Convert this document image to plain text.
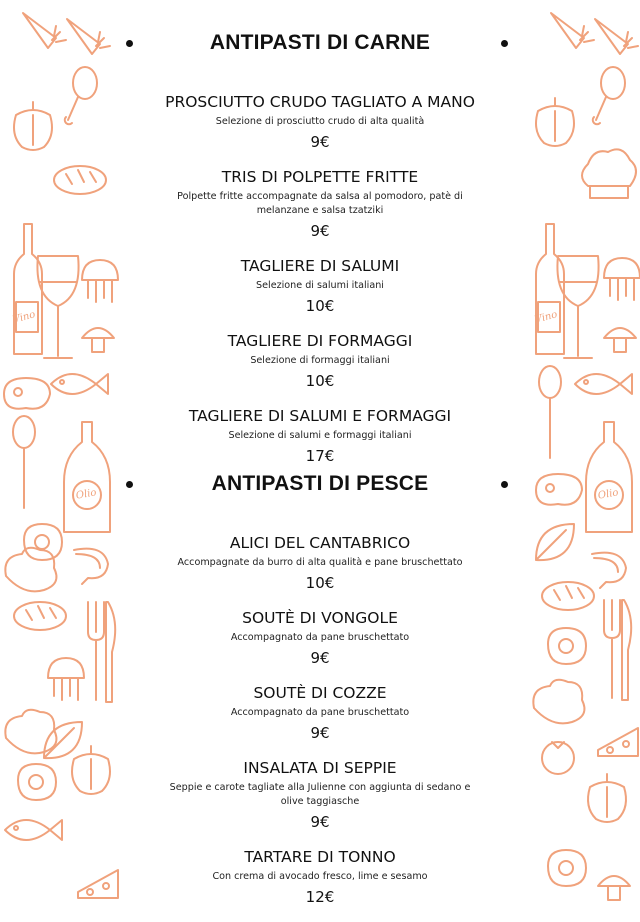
Vino
Olio
Vino
Olio
ANTIPASTI DI CARNE
PROSCIUTTO CRUDO TAGLIATO A MANO
Selezione di prosciutto crudo di alta qualità
9€
TRIS DI POLPETTE FRITTE
Polpette fritte accompagnate da salsa al pomodoro, patè di melanzane e salsa tzatziki
9€
TAGLIERE DI SALUMI
Selezione di salumi italiani
10€
TAGLIERE DI FORMAGGI
Selezione di formaggi italiani
10€
TAGLIERE DI SALUMI E FORMAGGI
Selezione di salumi e formaggi italiani
17€
ANTIPASTI DI PESCE
ALICI DEL CANTABRICO
Accompagnate da burro di alta qualità e pane bruschettato
10€
SOUTÈ DI VONGOLE
Accompagnato da pane bruschettato
9€
SOUTÈ DI COZZE
Accompagnato da pane bruschettato
9€
INSALATA DI SEPPIE
Seppie e carote tagliate alla Julienne con aggiunta di sedano e olive taggiasche
9€
TARTARE DI TONNO
Con crema di avocado fresco, lime e sesamo
12€
